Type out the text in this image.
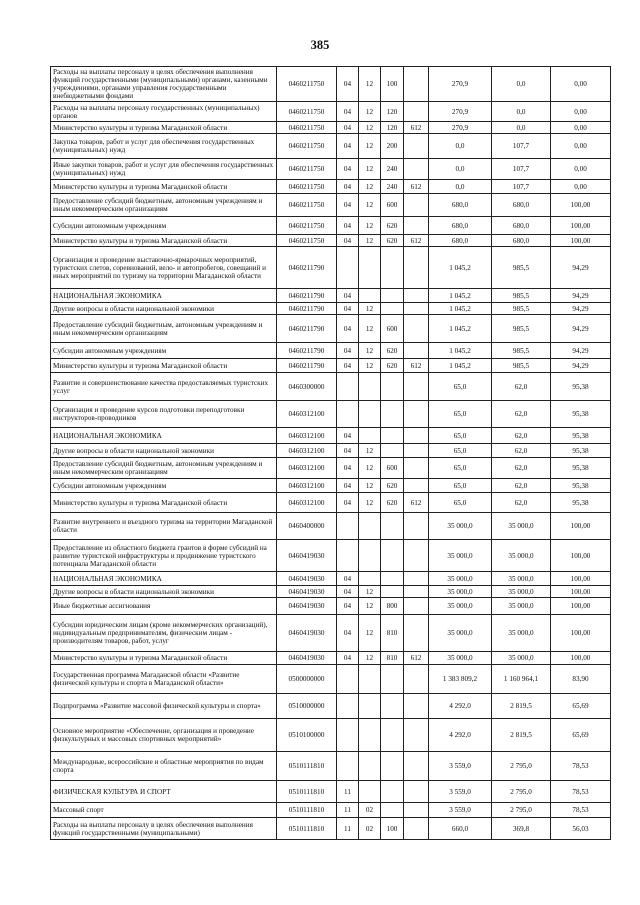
385
Расходы на выплаты персоналу в целях обеспечения выполнения функций государственными (муниципальными) органами, казенными учреждениями, органами управления государственными внебюджетными фондами	0460211750	04	12	100		270,9	0,0	0,00
Расходы на выплаты персоналу государственных (муниципальных) органов	0460211750	04	12	120		270,9	0,0	0,00
Министерство культуры и туризма Магаданской области	0460211750	04	12	120	612	270,9	0,0	0,00
Закупка товаров, работ и услуг для обеспечения государственных (муниципальных) нужд	0460211750	04	12	200		0,0	107,7	0,00
Иные закупки товаров, работ и услуг для обеспечения государственных (муниципальных) нужд	0460211750	04	12	240		0,0	107,7	0,00
Министерство культуры и туризма Магаданской области	0460211750	04	12	240	612	0,0	107,7	0,00
Предоставление субсидий бюджетным, автономным учреждениям и иным некоммерческим организациям	0460211750	04	12	600		680,0	680,0	100,00
Субсидии автономным учреждениям	0460211750	04	12	620		680,0	680,0	100,00
Министерство культуры и туризма Магаданской области	0460211750	04	12	620	612	680,0	680,0	100,00
Организация и проведение выставочно-ярмарочных мероприятий, туристских слетов, соревнований, вело- и автопробегов, совещаний и иных мероприятий по туризму на территории Магаданской области	0460211790					1 045,2	985,5	94,29
НАЦИОНАЛЬНАЯ ЭКОНОМИКА	0460211790	04				1 045,2	985,5	94,29
Другие вопросы в области национальной экономики	0460211790	04	12			1 045,2	985,5	94,29
Предоставление субсидий бюджетным, автономным учреждениям и иным некоммерческим организациям	0460211790	04	12	600		1 045,2	985,5	94,29
Субсидии автономным учреждениям	0460211790	04	12	620		1 045,2	985,5	94,29
Министерство культуры и туризма Магаданской области	0460211790	04	12	620	612	1 045,2	985,5	94,29
Развитие и совершенствование качества предоставляемых туристских услуг	0460300000					65,0	62,0	95,38
Организация и проведение курсов подготовки переподготовки инструкторов-проводников	0460312100					65,0	62,0	95,38
НАЦИОНАЛЬНАЯ ЭКОНОМИКА	0460312100	04				65,0	62,0	95,38
Другие вопросы в области национальной экономики	0460312100	04	12			65,0	62,0	95,38
Предоставление субсидий бюджетным, автономным учреждениям и иным некоммерческим организациям	0460312100	04	12	600		65,0	62,0	95,38
Субсидии автономным учреждениям	0460312100	04	12	620		65,0	62,0	95,38
Министерство культуры и туризма Магаданской области	0460312100	04	12	620	612	65,0	62,0	95,38
Развитие внутреннего и въездного туризма на территории Магаданской области	0460400000					35 000,0	35 000,0	100,00
Предоставление из областного бюджета грантов в форме субсидий на развитие туристской инфраструктуры и продвижение туристского потенциала Магаданской области	0460419030					35 000,0	35 000,0	100,00
НАЦИОНАЛЬНАЯ ЭКОНОМИКА	0460419030	04				35 000,0	35 000,0	100,00
Другие вопросы в области национальной экономики	0460419030	04	12			35 000,0	35 000,0	100,00
Иные бюджетные ассигнования	0460419030	04	12	800		35 000,0	35 000,0	100,00
Субсидии юридическим лицам (кроме некоммерческих организаций), индивидуальным предпринимателям, физическим лицам - производителям товаров, работ, услуг	0460419030	04	12	810		35 000,0	35 000,0	100,00
Министерство культуры и туризма Магаданской области	0460419030	04	12	810	612	35 000,0	35 000,0	100,00
Государственная программа Магаданской области «Развитие физической культуры и спорта в Магаданской области»	0500000000					1 383 809,2	1 160 964,1	83,90
Подпрограмма «Развитие массовой физической культуры и спорта»	0510000000					4 292,0	2 819,5	65,69
Основное мероприятие «Обеспечение, организация и проведение физкультурных и массовых спортивных мероприятий»	0510100000					4 292,0	2 819,5	65,69
Международные, всероссийские и областные мероприятия по видам спорта	0510111810					3 559,0	2 795,0	78,53
ФИЗИЧЕСКАЯ КУЛЬТУРА И СПОРТ	0510111810	11				3 559,0	2 795,0	78,53
Массовый спорт	0510111810	11	02			3 559,0	2 795,0	78,53
Расходы на выплаты персоналу в целях обеспечения выполнения функций государственными (муниципальными)	0510111810	11	02	100		660,0	369,8	56,03
